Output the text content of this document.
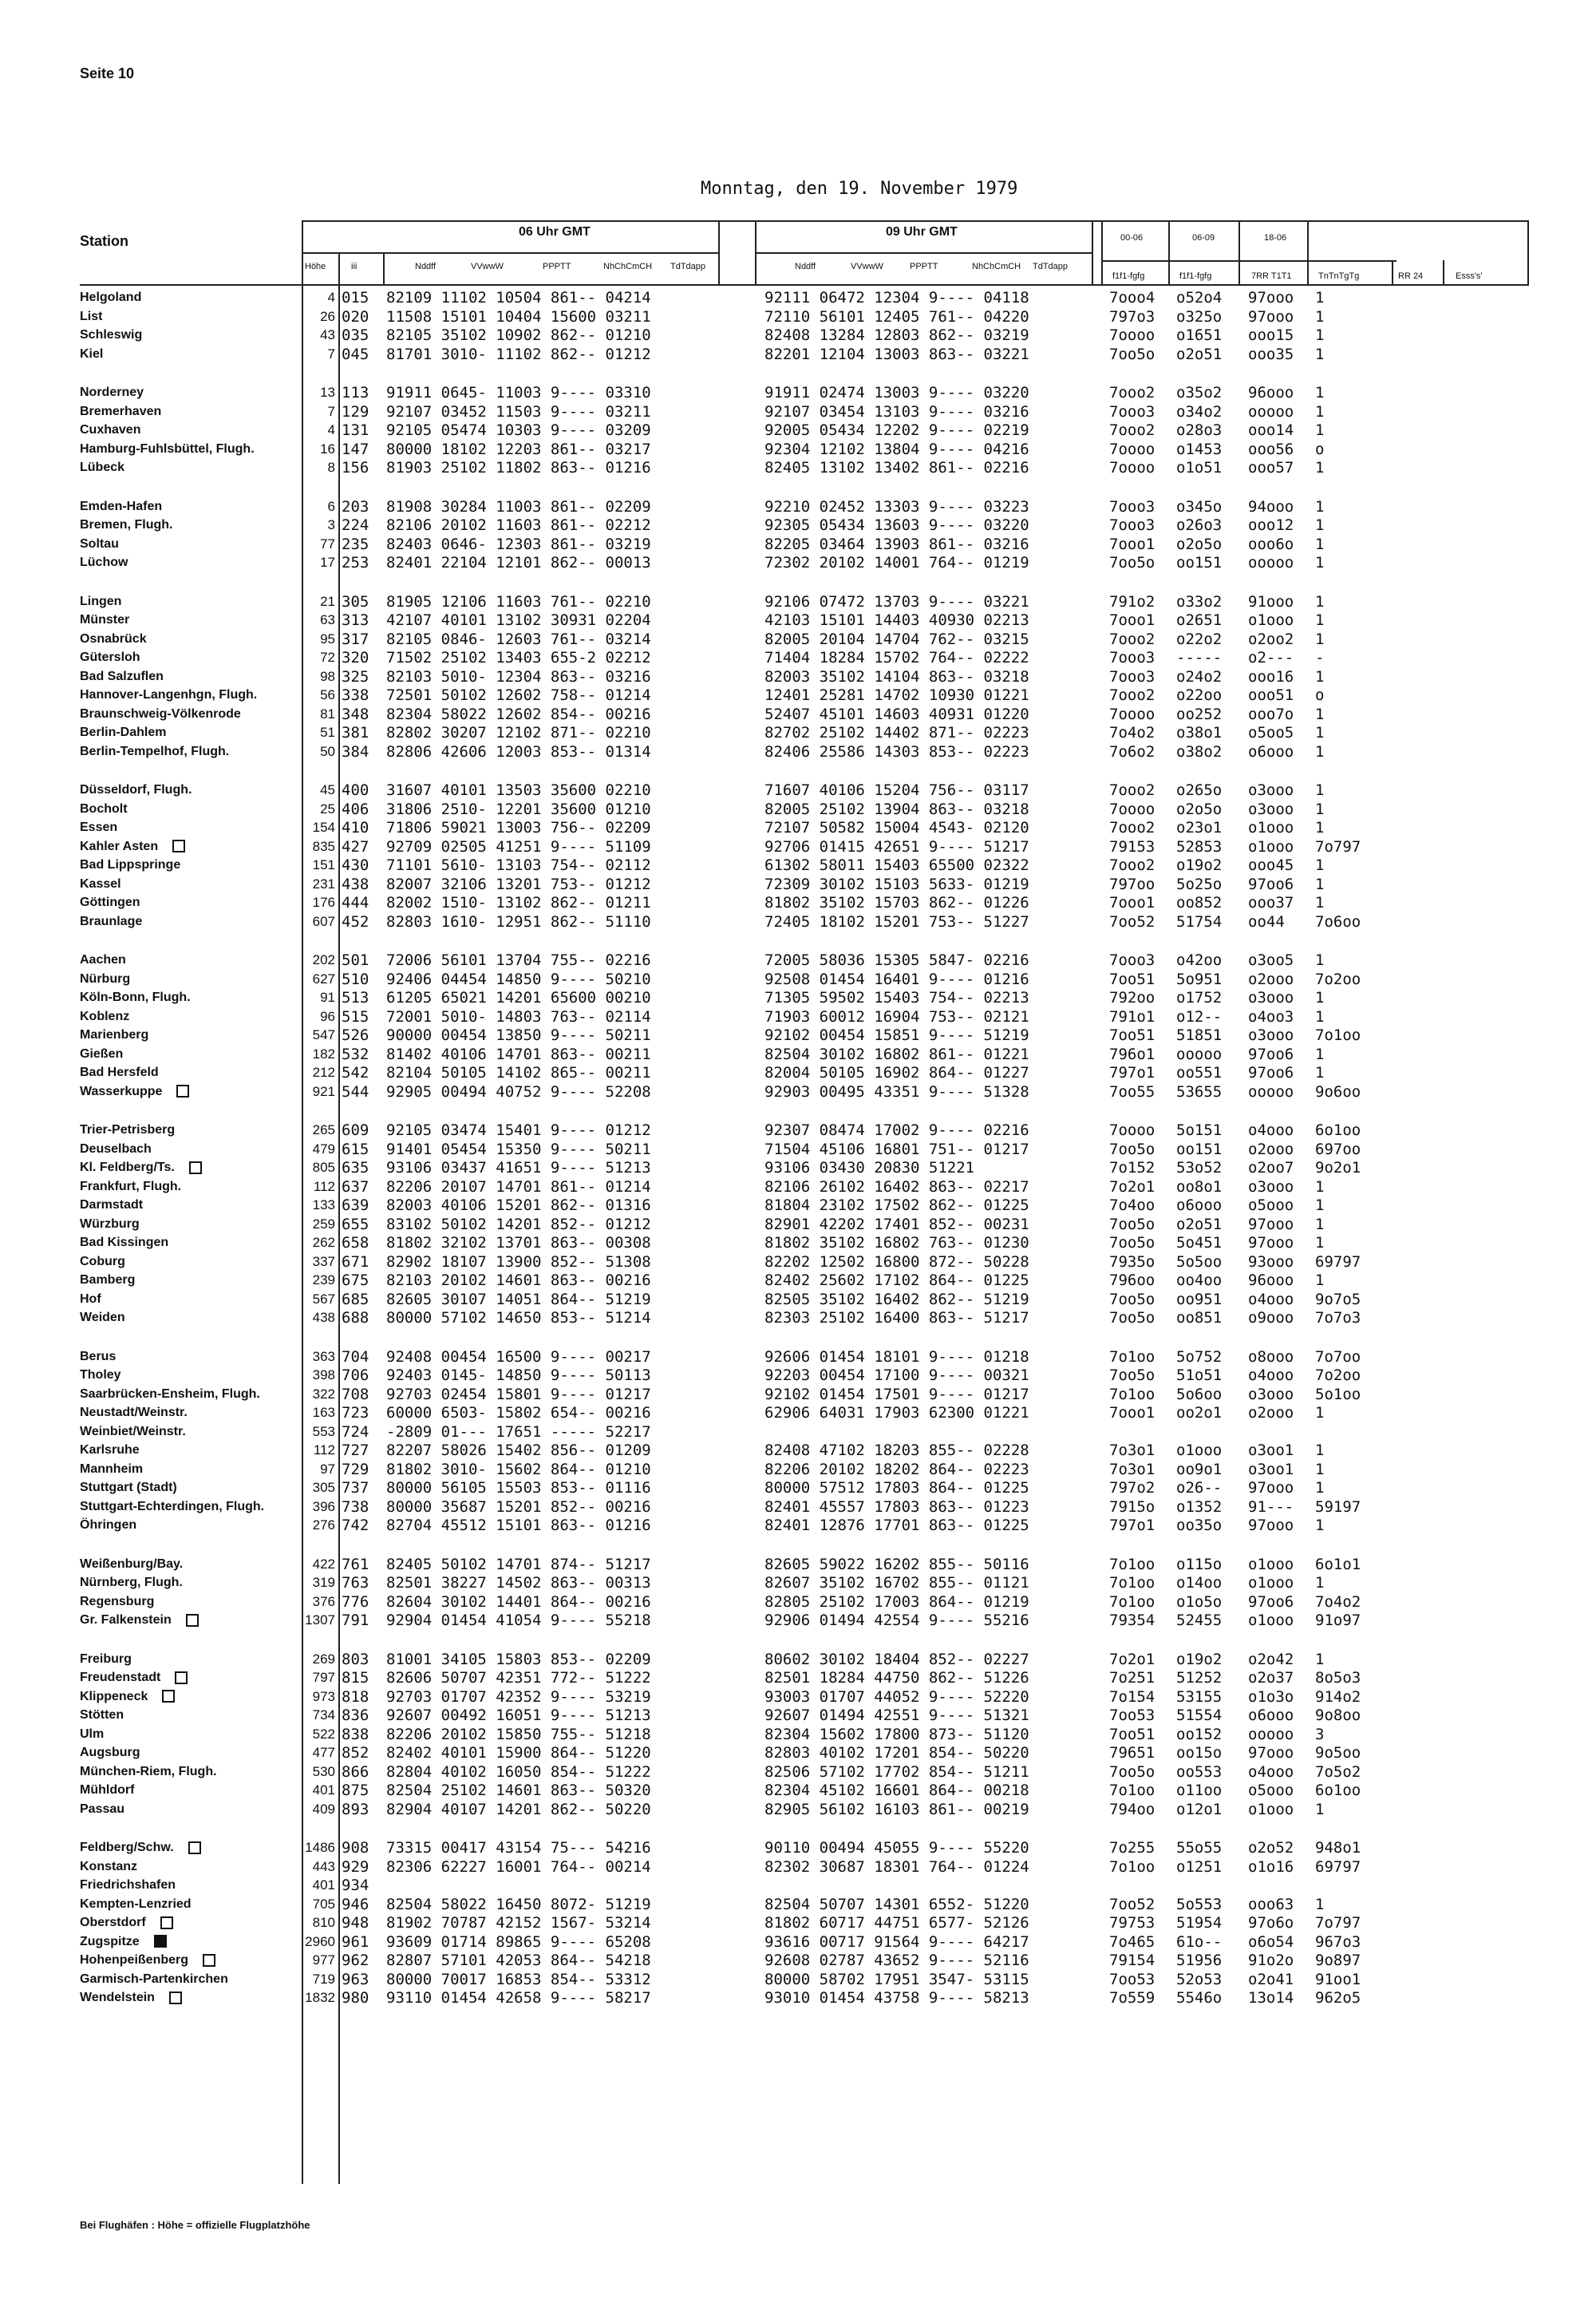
Seite 10
Monntag, den 19. November 1979
Station
Höhe	iii
06 Uhr GMT	09 Uhr GMT
Nddff	VVwwW	PPPTT	NhChCmCH TdTdapp	Nddff	VVwwW	PPPTT	NhChCmCH TdTdapp
00-06	06-09	18-06
f1f1-fgfg	f1f1-fgfg	7RR T1T1	TnTnTgTg	RR 24	Esss's'
Helgoland	4 015	82109 11102 10504 861-- 04214	92111 06472 12304 9---- 04118	7ooo4	o52o4	97ooo	1
List	26 020	11508 15101 10404 15600 03211	72110 56101 12405 761-- 04220	797o3	o325o	97ooo	1
Schleswig	43 035	82105 35102 10902 862-- 01210	82408 13284 12803 862-- 03219	7oooo	o1651	ooo15	1
Kiel	7 045	81701 3010- 11102 862-- 01212	82201 12104 13003 863-- 03221	7oo5o	o2o51	ooo35	1
Norderney	13 113	91911 0645- 11003 9---- 03310	91911 02474 13003 9---- 03220	7ooo2	o35o2	96ooo	1
Bremerhaven	7 129	92107 03452 11503 9---- 03211	92107 03454 13103 9---- 03216	7ooo3	o34o2	ooooo	1
Cuxhaven	4 131	92105 05474 10303 9---- 03209	92005 05434 12202 9---- 02219	7ooo2	o28o3	ooo14	1
Hamburg-Fuhlsbüttel, Flugh.	16 147	80000 18102 12203 861-- 03217	92304 12102 13804 9---- 04216	7oooo	o1453	ooo56	o
Lübeck	8 156	81903 25102 11802 863-- 01216	82405 13102 13402 861-- 02216	7oooo	o1o51	ooo57	1
Emden-Hafen	6 203	81908 30284 11003 861-- 02209	92210 02452 13303 9---- 03223	7ooo3	o345o	94ooo	1
Bremen, Flugh.	3 224	82106 20102 11603 861-- 02212	92305 05434 13603 9---- 03220	7ooo3	o26o3	ooo12	1
Soltau	77 235	82403 0646- 12303 861-- 03219	82205 03464 13903 861-- 03216	7ooo1	o2o5o	ooo6o	1
Lüchow	17 253	82401 22104 12101 862-- 00013	72302 20102 14001 764-- 01219	7oo5o	oo151	ooooo	1
Lingen	21 305	81905 12106 11603 761-- 02210	92106 07472 13703 9---- 03221	791o2	o33o2	91ooo	1
Münster	63 313	42107 40101 13102 30931 02204	42103 15101 14403 40930 02213	7ooo1	o2651	o1ooo	1
Osnabrück	95 317	82105 0846- 12603 761-- 03214	82005 20104 14704 762-- 03215	7ooo2	o22o2	o2oo2	1
Gütersloh	72 320	71502 25102 13403 655-2 02212	71404 18284 15702 764-- 02222	7ooo3	-----	o2---	-
Bad Salzuflen	98 325	82103 5010- 12304 863-- 03216	82003 35102 14104 863-- 03218	7ooo3	o24o2	ooo16	1
Hannover-Langenhgn, Flugh.	56 338	72501 50102 12602 758-- 01214	12401 25281 14702 10930 01221	7ooo2	o22oo	ooo51	o
Braunschweig-Völkenrode	81 348	82304 58022 12602 854-- 00216	52407 45101 14603 40931 01220	7oooo	oo252	ooo7o	1
Berlin-Dahlem	51 381	82802 30207 12102 871-- 02210	82702 25102 14402 871-- 02223	7o4o2	o38o1	o5oo5	1
Berlin-Tempelhof, Flugh.	50 384	82806 42606 12003 853-- 01314	82406 25586 14303 853-- 02223	7o6o2	o38o2	o6ooo	1
Düsseldorf, Flugh.	45 400	31607 40101 13503 35600 02210	71607 40106 15204 756-- 03117	7ooo2	o265o	o3ooo	1
Bocholt	25 406	31806 2510- 12201 35600 01210	82005 25102 13904 863-- 03218	7oooo	o2o5o	o3ooo	1
Essen	154 410	71806 59021 13003 756-- 02209	72107 50582 15004 4543- 02120	7ooo2	o23o1	o1ooo	1
Kahler Asten	835 427	92709 02505 41251 9---- 51109	92706 01415 42651 9---- 51217	79153	52853	o1ooo	7o797
Bad Lippspringe	151 430	71101 5610- 13103 754-- 02112	61302 58011 15403 65500 02322	7ooo2	o19o2	ooo45	1
Kassel	231 438	82007 32106 13201 753-- 01212	72309 30102 15103 5633- 01219	797oo	5o25o	97oo6	1
Göttingen	176 444	82002 1510- 13102 862-- 01211	81802 35102 15703 862-- 01226	7ooo1	oo852	ooo37	1
Braunlage	607 452	82803 1610- 12951 862-- 51110	72405 18102 15201 753-- 51227	7oo52	51754	oo44	7o6oo
Aachen	202 501	72006 56101 13704 755-- 02216	72005 58036 15305 5847- 02216	7ooo3	o42oo	o3oo5	1
Nürburg	627 510	92406 04454 14850 9---- 50210	92508 01454 16401 9---- 01216	7oo51	5o951	o2ooo	7o2oo
Köln-Bonn, Flugh.	91 513	61205 65021 14201 65600 00210	71305 59502 15403 754-- 02213	792oo	o1752	o3ooo	1
Koblenz	96 515	72001 5010- 14803 763-- 02114	71903 60012 16904 753-- 02121	791o1	o12--	o4oo3	1
Marienberg	547 526	90000 00454 13850 9---- 50211	92102 00454 15851 9---- 51219	7oo51	51851	o3ooo	7o1oo
Gießen	182 532	81402 40106 14701 863-- 00211	82504 30102 16802 861-- 01221	796o1	ooooo	97oo6	1
Bad Hersfeld	212 542	82104 50105 14102 865-- 00211	82004 50105 16902 864-- 01227	797o1	oo551	97oo6	1
Wasserkuppe	921 544	92905 00494 40752 9---- 52208	92903 00495 43351 9---- 51328	7oo55	53655	ooooo	9o6oo
Trier-Petrisberg	265 609	92105 03474 15401 9---- 01212	92307 08474 17002 9---- 02216	7oooo	5o151	o4ooo	6o1oo
Deuselbach	479 615	91401 05454 15350 9---- 50211	71504 45106 16801 751-- 01217	7oo5o	oo151	o2ooo	697oo
Kl. Feldberg/Ts.	805 635	93106 03437 41651 9---- 51213	93106 03430 20830 51221	7o152	53o52	o2oo7	9o2o1
Frankfurt, Flugh.	112 637	82206 20107 14701 861-- 01214	82106 26102 16402 863-- 02217	7o2o1	oo8o1	o3ooo	1
Darmstadt	133 639	82003 40106 15201 862-- 01316	81804 23102 17502 862-- 01225	7o4oo	o6ooo	o5ooo	1
Würzburg	259 655	83102 50102 14201 852-- 01212	82901 42202 17401 852-- 00231	7oo5o	o2o51	97ooo	1
Bad Kissingen	262 658	81802 32102 13701 863-- 00308	81802 35102 16802 763-- 01230	7oo5o	5o451	97ooo	1
Coburg	337 671	82902 18107 13900 852-- 51308	82202 12502 16800 872-- 50228	7935o	5o5oo	93ooo	69797
Bamberg	239 675	82103 20102 14601 863-- 00216	82402 25602 17102 864-- 01225	796oo	oo4oo	96ooo	1
Hof	567 685	82605 30107 14051 864-- 51219	82505 35102 16402 862-- 51219	7oo5o	oo951	o4ooo	9o7o5
Weiden	438 688	80000 57102 14650 853-- 51214	82303 25102 16400 863-- 51217	7oo5o	oo851	o9ooo	7o7o3
Berus	363 704	92408 00454 16500 9---- 00217	92606 01454 18101 9---- 01218	7o1oo	5o752	o8ooo	7o7oo
Tholey	398 706	92403 0145- 14850 9---- 50113	92203 00454 17100 9---- 00321	7oo5o	51o51	o4ooo	7o2oo
Saarbrücken-Ensheim, Flugh.	322 708	92703 02454 15801 9---- 01217	92102 01454 17501 9---- 01217	7o1oo	5o6oo	o3ooo	5o1oo
Neustadt/Weinstr.	163 723	60000 6503- 15802 654-- 00216	62906 64031 17903 62300 01221	7ooo1	oo2o1	o2ooo	1
Weinbiet/Weinstr.	553 724	-2809 01--- 17651 ----- 52217
Karlsruhe	112 727	82207 58026 15402 856-- 01209	82408 47102 18203 855-- 02228	7o3o1	o1ooo	o3oo1	1
Mannheim	97 729	81802 3010- 15602 864-- 01210	82206 20102 18202 864-- 02223	7o3o1	oo9o1	o3oo1	1
Stuttgart (Stadt)	305 737	80000 56105 15503 853-- 01116	80000 57512 17803 864-- 01225	797o2	o26--	97ooo	1
Stuttgart-Echterdingen, Flugh.	396 738	80000 35687 15201 852-- 00216	82401 45557 17803 863-- 01223	7915o	o1352	91---	59197
Öhringen	276 742	82704 45512 15101 863-- 01216	82401 12876 17701 863-- 01225	797o1	oo35o	97ooo	1
Weißenburg/Bay.	422 761	82405 50102 14701 874-- 51217	82605 59022 16202 855-- 50116	7o1oo	o115o	o1ooo	6o1o1
Nürnberg, Flugh.	319 763	82501 38227 14502 863-- 00313	82607 35102 16702 855-- 01121	7o1oo	o14oo	o1ooo	1
Regensburg	376 776	82604 30102 14401 864-- 00216	82805 25102 17003 864-- 01219	7o1oo	o1o5o	97oo6	7o4o2
Gr. Falkenstein	1307 791	92904 01454 41054 9---- 55218	92906 01494 42554 9---- 55216	79354	52455	o1ooo	91o97
Freiburg	269 803	81001 34105 15803 853-- 02209	80602 30102 18404 852-- 02227	7o2o1	o19o2	o2o42	1
Freudenstadt	797 815	82606 50707 42351 772-- 51222	82501 18284 44750 862-- 51226	7o251	51252	o2o37	8o5o3
Klippeneck	973 818	92703 01707 42352 9---- 53219	93003 01707 44052 9---- 52220	7o154	53155	o1o3o	914o2
Stötten	734 836	92607 00492 16051 9---- 51213	92607 01494 42551 9---- 51321	7oo53	51554	o6ooo	9o8oo
Ulm	522 838	82206 20102 15850 755-- 51218	82304 15602 17800 873-- 51120	7oo51	oo152	ooooo	3
Augsburg	477 852	82402 40101 15900 864-- 51220	82803 40102 17201 854-- 50220	79651	oo15o	97ooo	9o5oo
München-Riem, Flugh.	530 866	82804 40102 16050 854-- 51222	82506 57102 17702 854-- 51211	7oo5o	oo553	o4ooo	7o5o2
Mühldorf	401 875	82504 25102 14601 863-- 50320	82304 45102 16601 864-- 00218	7o1oo	o11oo	o5ooo	6o1oo
Passau	409 893	82904 40107 14201 862-- 50220	82905 56102 16103 861-- 00219	794oo	o12o1	o1ooo	1
Feldberg/Schw.	1486 908	73315 00417 43154 75--- 54216	90110 00494 45055 9---- 55220	7o255	55o55	o2o52	948o1
Konstanz	443 929	82306 62227 16001 764-- 00214	82302 30687 18301 764-- 01224	7o1oo	o1251	o1o16	69797
Friedrichshafen	401 934
Kempten-Lenzried	705 946	82504 58022 16450 8072- 51219	82504 50707 14301 6552- 51220	7oo52	5o553	ooo63	1
Oberstdorf	810 948	81902 70787 42152 1567- 53214	81802 60717 44751 6577- 52126	79753	51954	97o6o	7o797
Zugspitze	2960 961	93609 01714 89865 9---- 65208	93616 00717 91564 9---- 64217	7o465	61o--	o6o54	967o3
Hohenpeißenberg	977 962	82807 57101 42053 864-- 54218	92608 02787 43652 9---- 52116	79154	51956	91o2o	9o897
Garmisch-Partenkirchen	719 963	80000 70017 16853 854-- 53312	80000 58702 17951 3547- 53115	7oo53	52o53	o2o41	91oo1
Wendelstein	1832 980	93110 01454 42658 9---- 58217	93010 01454 43758 9---- 58213	7o559	5546o	13o14	962o5
Bei Flughäfen : Höhe = offizielle Flugplatzhöhe
